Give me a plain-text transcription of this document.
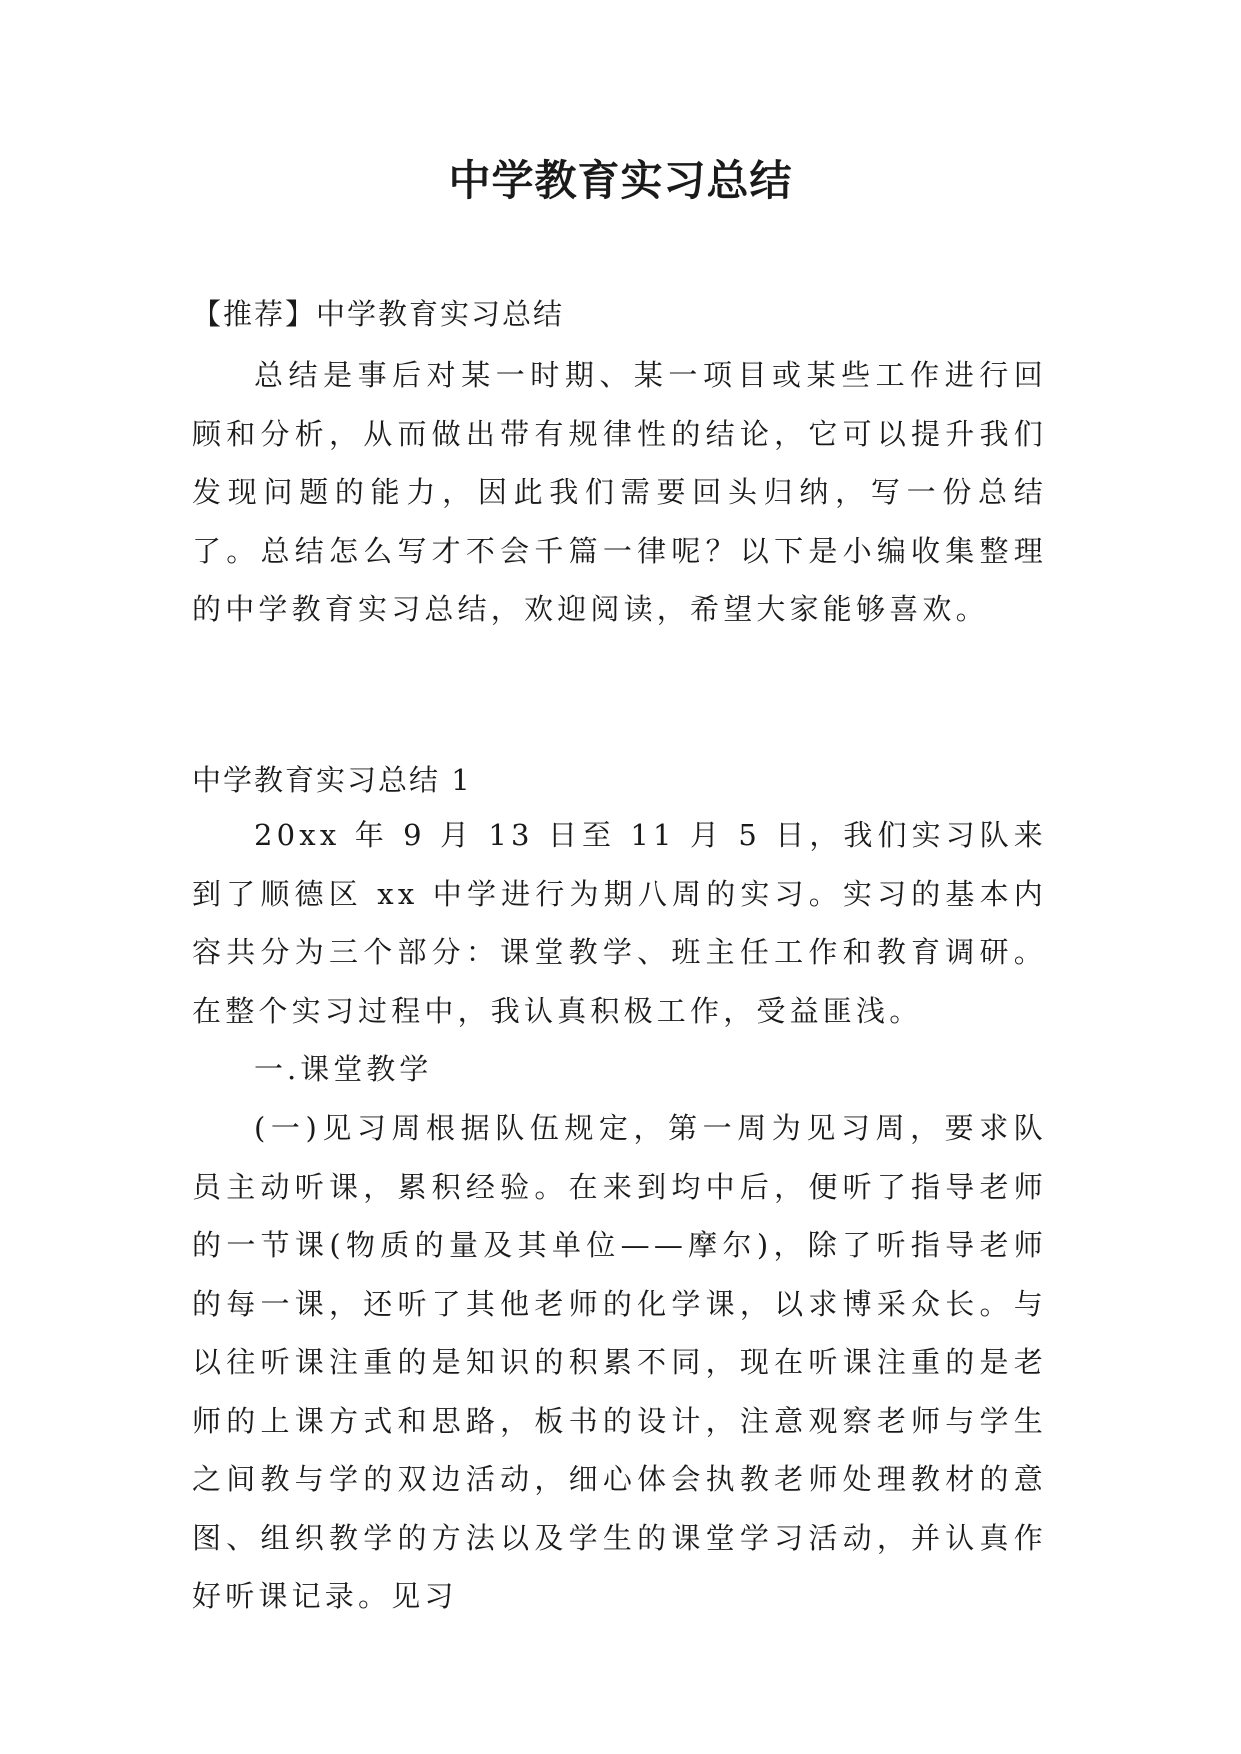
中学教育实习总结

【推荐】中学教育实习总结

总结是事后对某一时期、某一项目或某些工作进行回顾和分析，从而做出带有规律性的结论，它可以提升我们发现问题的能力，因此我们需要回头归纳，写一份总结了。总结怎么写才不会千篇一律呢？以下是小编收集整理的中学教育实习总结，欢迎阅读，希望大家能够喜欢。

中学教育实习总结 1

20xx 年 9 月 13 日至 11 月 5 日，我们实习队来到了顺德区 xx 中学进行为期八周的实习。实习的基本内容共分为三个部分：课堂教学、班主任工作和教育调研。在整个实习过程中，我认真积极工作，受益匪浅。

一.课堂教学

(一)见习周根据队伍规定，第一周为见习周，要求队员主动听课，累积经验。在来到均中后，便听了指导老师的一节课(物质的量及其单位——摩尔)，除了听指导老师的每一课，还听了其他老师的化学课，以求博采众长。与以往听课注重的是知识的积累不同，现在听课注重的是老师的上课方式和思路，板书的设计，注意观察老师与学生之间教与学的双边活动，细心体会执教老师处理教材的意图、组织教学的方法以及学生的课堂学习活动，并认真作好听课记录。见习
